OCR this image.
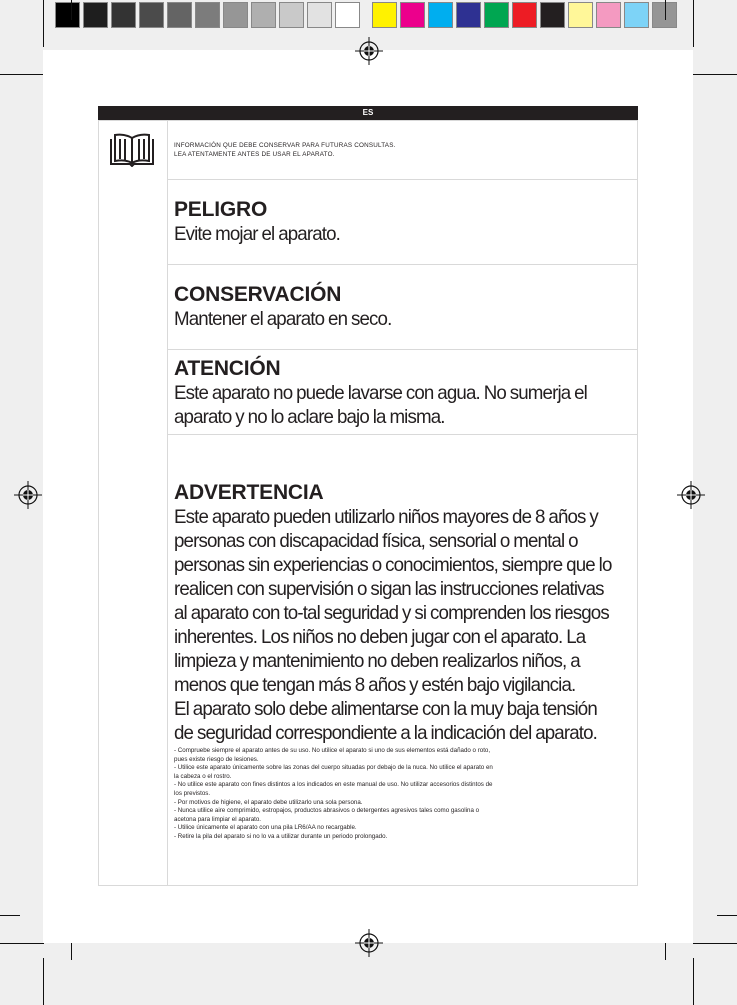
ES
INFORMACIÓN QUE DEBE CONSERVAR PARA FUTURAS CONSULTAS.
LEA ATENTAMENTE ANTES DE USAR EL APARATO.
PELIGRO
Evite mojar el aparato.
CONSERVACIÓN
Mantener el aparato en seco.
ATENCIÓN
Este aparato no puede lavarse con agua. No sumerja el aparato y no lo aclare bajo la misma.
ADVERTENCIA
Este aparato pueden utilizarlo niños mayores de 8 años y personas con discapacidad física, sensorial o mental o personas sin experiencias o conocimientos, siempre que lo realicen con supervisión o sigan las instrucciones relativas al aparato con to-tal seguridad y si comprenden los riesgos inherentes. Los niños no deben jugar con el aparato. La limpieza y mantenimiento no deben realizarlos niños, a menos que tengan más 8 años y estén bajo vigilancia.
El aparato solo debe alimentarse con la muy baja tensión de seguridad correspondiente a la indicación del aparato.
- Compruebe siempre el aparato antes de su uso. No utilice el aparato si uno de sus elementos está dañado o roto,
pues existe riesgo de lesiones.
- Utilice este aparato únicamente sobre las zonas del cuerpo situadas por debajo de la nuca. No utilice el aparato en
la cabeza o el rostro.
- No utilice este aparato con fines distintos a los indicados en este manual de uso. No utilizar accesorios distintos de
los previstos.
- Por motivos de higiene, el aparato debe utilizarlo una sola persona.
- Nunca utilice aire comprimido, estropajos, productos abrasivos o detergentes agresivos tales como gasolina o
acetona para limpiar el aparato.
- Utilice únicamente el aparato con una pila LR6/AA no recargable.
- Retire la pila del aparato si no lo va a utilizar durante un periodo prolongado.
